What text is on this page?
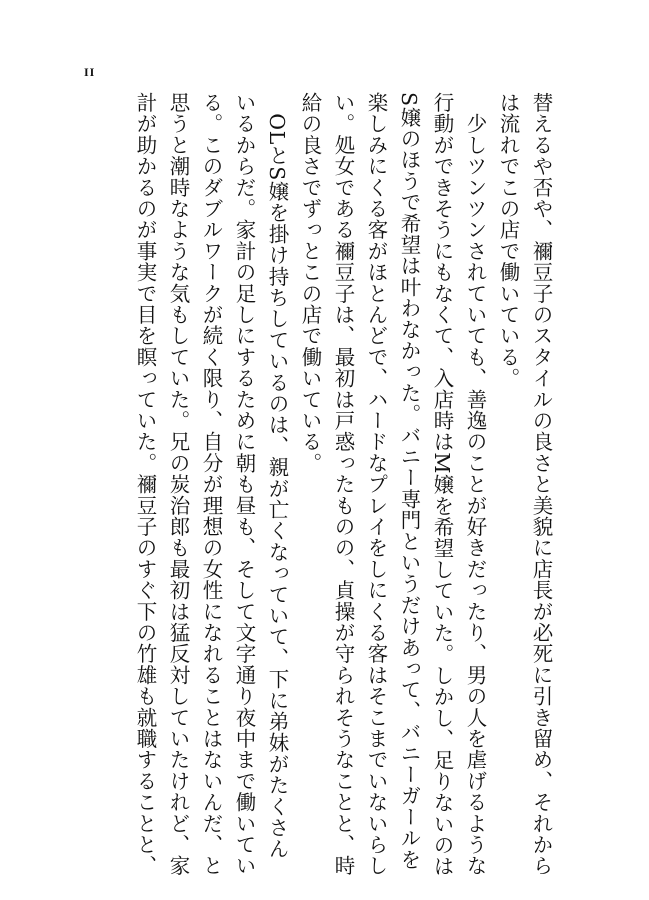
II
替えるや否や、禰豆子のスタイルの良さと美貌に店長が必死に引き留め、それから
は流れでこの店で働いている。
　少しツンツンされていても、善逸のことが好きだったり、男の人を虐げるような
行動ができそうにもなくて、入店時はM嬢を希望していた。しかし、足りないのは
S嬢のほうで希望は叶わなかった。バニー専門というだけあって、バニーガールを
楽しみにくる客がほとんどで、ハードなプレイをしにくる客はそこまでいないらし
い。処女である禰豆子は、最初は戸惑ったものの、貞操が守られそうなことと、時
給の良さでずっとこの店で働いている。
　OLとS嬢を掛け持ちしているのは、親が亡くなっていて、下に弟妹がたくさん
いるからだ。家計の足しにするために朝も昼も、そして文字通り夜中まで働いてい
る。このダブルワークが続く限り、自分が理想の女性になれることはないんだ、と
思うと潮時なような気もしていた。兄の炭治郎も最初は猛反対していたけれど、家
計が助かるのが事実で目を瞑っていた。禰豆子のすぐ下の竹雄も就職することと、
